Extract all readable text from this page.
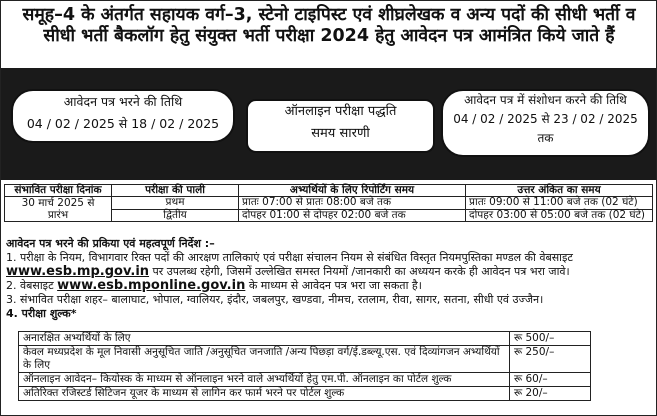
समूह–4 के अंतर्गत सहायक वर्ग–3, स्टेनो टाइपिस्ट एवं शीघ्रलेखक व अन्य पदों की सीधी भर्ती व सीधी भर्ती बैकलॉग हेतु संयुक्त भर्ती परीक्षा 2024 हेतु आवेदन पत्र आमंत्रित किये जाते हैं
आवेदन पत्र भरने की तिथि
04 / 02 / 2025 से 18 / 02 / 2025
ऑनलाइन परीक्षा पद्धति
समय सारणी
आवेदन पत्र में संशोधन करने की तिथि
04 / 02 / 2025 से 23 / 02 / 2025
तक
संभावित परीक्षा दिनांक	परीक्षा की पाली	अभ्यर्थियों के लिए रिपोर्टिंग समय	उत्तर अंकित का समय

30 मार्च 2025 से
प्रारंभ	प्रथम	प्रातः 07:00 से प्रातः 08:00 बजे तक	प्रातः 09:00 से 11:00 बजे तक (02 घंटे)
	द्वितीय	दोपहर 01:00 से दोपहर 02:00 बजे तक	दोपहर 03:00 से 05:00 बजे तक (02 घंटे)
आवेदन पत्र भरने की प्रकिया एवं महत्वपूर्ण निर्देश :–
1. परीक्षा के नियम, विभागवार रिक्त पदों की आरक्षण तालिकाएं एवं परीक्षा संचालन नियम से संबंधित विस्तृत नियमपुस्तिका मण्डल की वेबसाइट
www.esb.mp.gov.in पर उपलब्ध रहेगी, जिसमें उल्लेखित समस्त नियमों /जानकारी का अध्ययन करके ही आवेदन पत्र भरा जावे।
2. वेबसाइट www.esb.mponline.gov.in के माध्यम से आवेदन पत्र भरा जा सकता है।
3. संभावित परीक्षा शहर– बालाघाट, भोपाल, ग्वालियर, इंदौर, जबलपुर, खण्डवा, नीमच, रतलाम, रीवा, सागर, सतना, सीधी एवं उज्जैन।
4. परीक्षा शुल्क*
अनारक्षित अभ्यर्थियों के लिए	रू 500/–
केवल मध्यप्रदेश के मूल निवासी अनुसूचित जाति /अनुसूचित जनजाति /अन्य पिछड़ा वर्ग/ई.डब्ल्यू.एस. एवं दिव्यांगजन अभ्यर्थियों के लिए	रू 250/–
ऑनलाइन आवेदन– कियोस्क के माध्यम से ऑनलाइन भरने वाले अभ्यर्थियों हेतु एम.पी. ऑनलाइन का पोर्टल शुल्क	रू 60/–
अतिरिक्त रजिस्टर्ड सिटिजन यूजर के माध्यम से लागिन कर फार्म भरने पर पोर्टल शुल्क	रू 20/–
